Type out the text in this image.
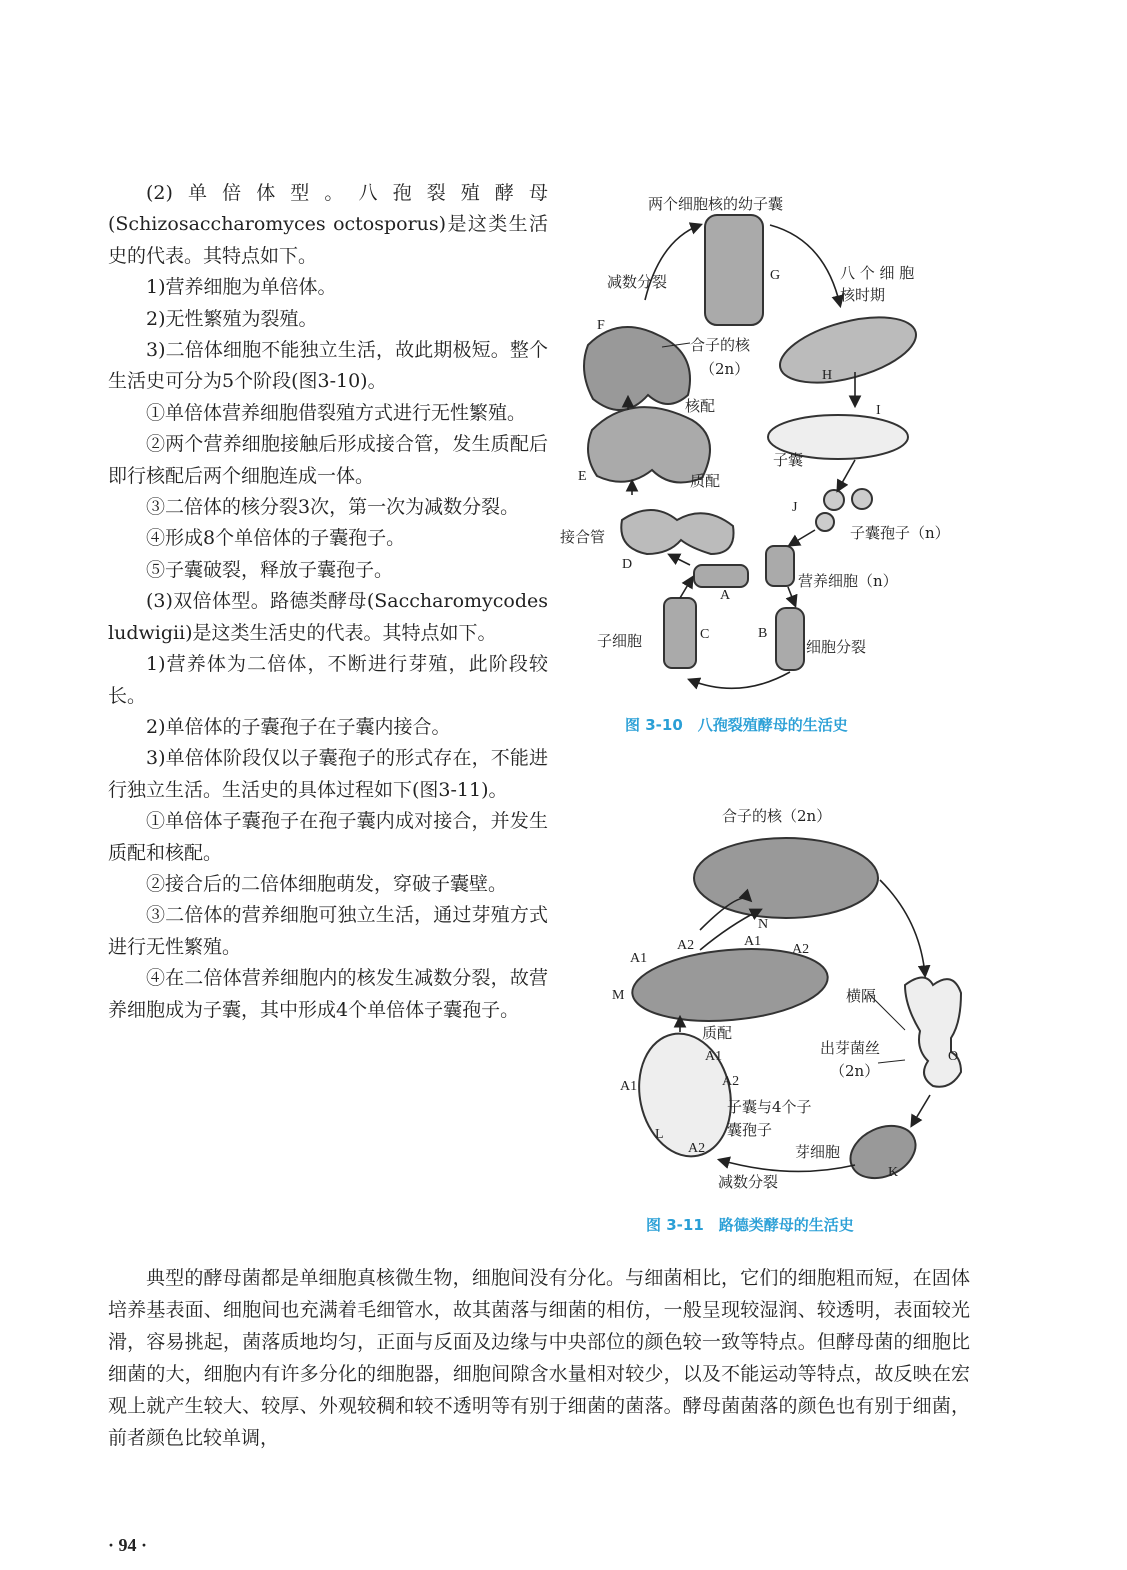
(2)单倍体型。八孢裂殖酵母(Schizosaccharomyces octosporus)是这类生活史的代表。其特点如下。

1)营养细胞为单倍体。

2)无性繁殖为裂殖。

3)二倍体细胞不能独立生活，故此期极短。整个生活史可分为5个阶段(图3-10)。

①单倍体营养细胞借裂殖方式进行无性繁殖。

②两个营养细胞接触后形成接合管，发生质配后即行核配后两个细胞连成一体。

③二倍体的核分裂3次，第一次为减数分裂。

④形成8个单倍体的子囊孢子。

⑤子囊破裂，释放子囊孢子。

(3)双倍体型。路德类酵母(Saccharomycodes ludwigii)是这类生活史的代表。其特点如下。

1)营养体为二倍体，不断进行芽殖，此阶段较长。

2)单倍体的子囊孢子在子囊内接合。

3)单倍体阶段仅以子囊孢子的形式存在，不能进行独立生活。生活史的具体过程如下(图3-11)。

①单倍体子囊孢子在孢子囊内成对接合，并发生质配和核配。

②接合后的二倍体细胞萌发，穿破子囊壁。

③二倍体的营养细胞可独立生活，通过芽殖方式进行无性繁殖。

④在二倍体营养细胞内的核发生减数分裂，故营养细胞成为子囊，其中形成4个单倍体子囊孢子。

两个细胞核的幼子囊
减数分裂	八 个 细 胞
核时期
合子的核
（2n）
核配
子囊
质配
接合管	子囊孢子（n）
营养细胞（n）
子细胞	细胞分裂
A
B
C
D
E
F
G
H
I
J
图 3-10　八孢裂殖酵母的生活史
合子的核（2n）
横隔
质配
出芽菌丝
（2n）
子囊与4个子
囊孢子
芽细胞
减数分裂
N
M
O
K
L
A1
A2	A1
A2
A1
A1	A2
A2
图 3-11　路德类酵母的生活史

典型的酵母菌都是单细胞真核微生物，细胞间没有分化。与细菌相比，它们的细胞粗而短，在固体培养基表面、细胞间也充满着毛细管水，故其菌落与细菌的相仿，一般呈现较湿润、较透明，表面较光滑，容易挑起，菌落质地均匀，正面与反面及边缘与中央部位的颜色较一致等特点。但酵母菌的细胞比细菌的大，细胞内有许多分化的细胞器，细胞间隙含水量相对较少，以及不能运动等特点，故反映在宏观上就产生较大、较厚、外观较稠和较不透明等有别于细菌的菌落。酵母菌菌落的颜色也有别于细菌，前者颜色比较单调，

· 94 ·
